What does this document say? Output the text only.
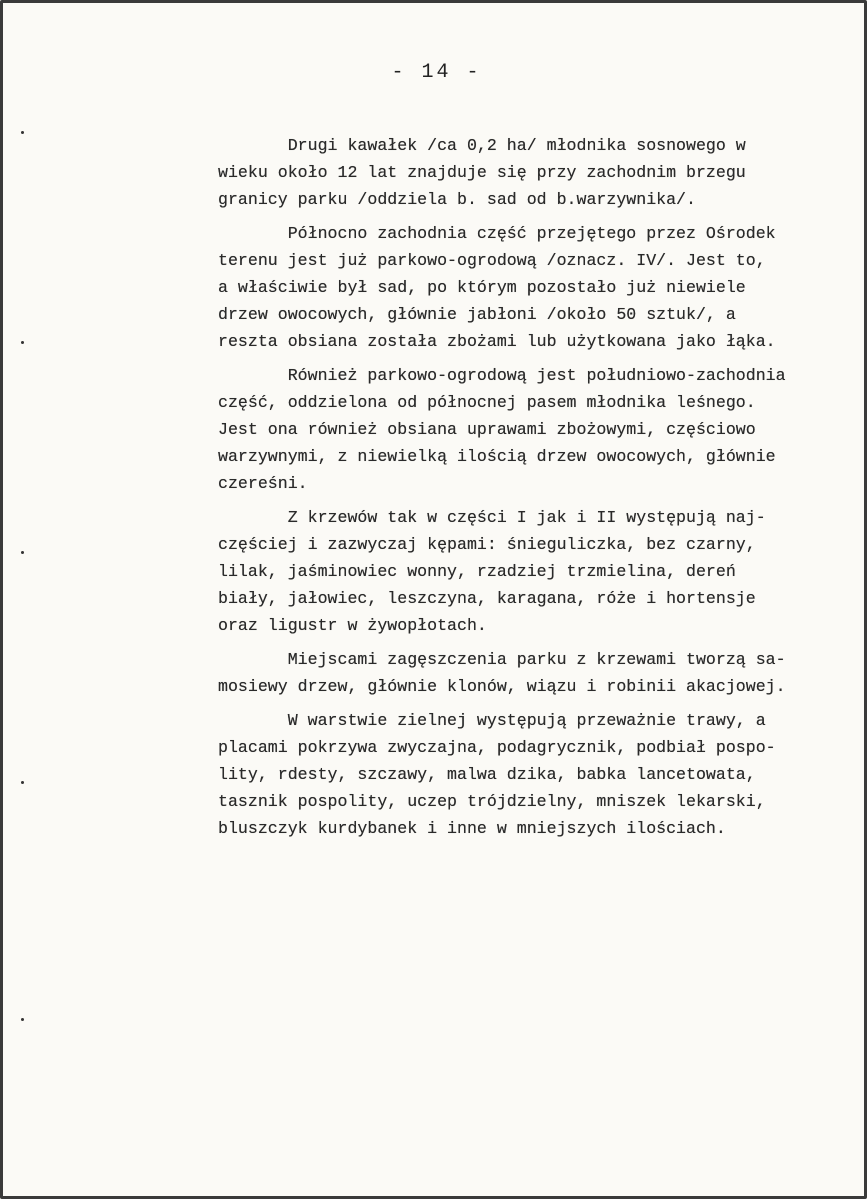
- 14 -
Drugi kawałek /ca 0,2 ha/ młodnika sosnowego w
wieku około 12 lat znajduje się przy zachodnim brzegu
granicy parku /oddziela b. sad od b.warzywnika/.
Północno zachodnia część przejętego przez Ośrodek
terenu jest już parkowo-ogrodową /oznacz. IV/. Jest to,
a właściwie był sad, po którym pozostało już niewiele
drzew owocowych, głównie jabłoni /około 50 sztuk/, a
reszta obsiana została zbożami lub użytkowana jako łąka.
Również parkowo-ogrodową jest południowo-zachodnia
część, oddzielona od północnej pasem młodnika leśnego.
Jest ona również obsiana uprawami zbożowymi, częściowo
warzywnymi, z niewielką ilością drzew owocowych, głównie
czereśni.
Z krzewów tak w części I jak i II występują naj-
częściej i zazwyczaj kępami: śnieguliczka, bez czarny,
lilak, jaśminowiec wonny, rzadziej trzmielina, dereń
biały, jałowiec, leszczyna, karagana, róże i hortensje
oraz ligustr w żywopłotach.
Miejscami zagęszczenia parku z krzewami tworzą sa-
mosiewy drzew, głównie klonów, wiązu i robinii akacjowej.
W warstwie zielnej występują przeważnie trawy, a
placami pokrzywa zwyczajna, podagrycznik, podbiał pospo-
lity, rdesty, szczawy, malwa dzika, babka lancetowata,
tasznik pospolity, uczep trójdzielny, mniszek lekarski,
bluszczyk kurdybanek i inne w mniejszych ilościach.
